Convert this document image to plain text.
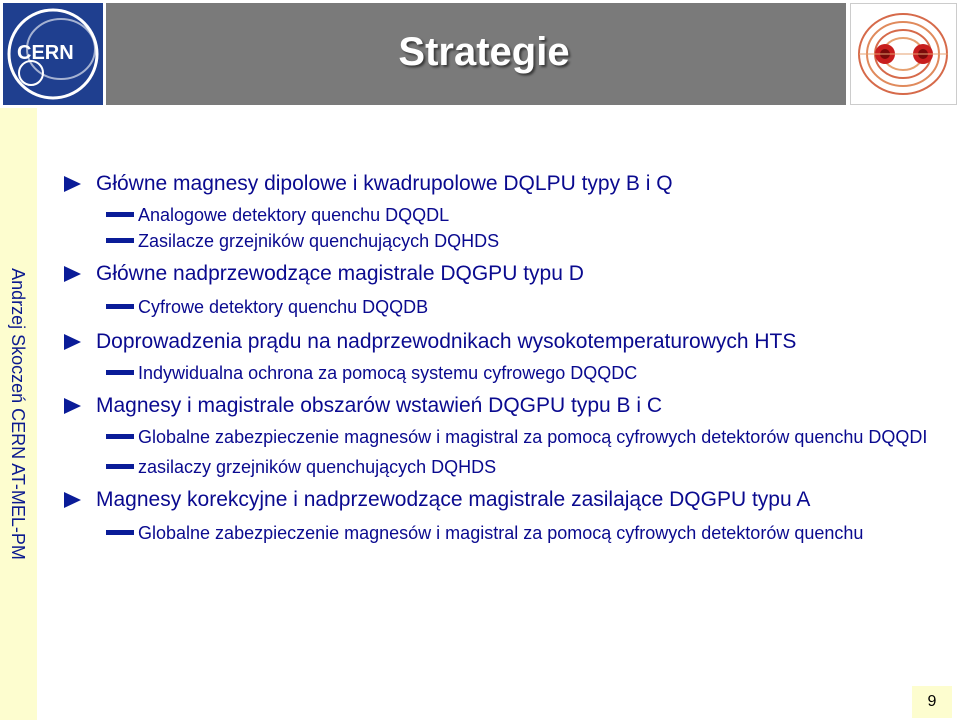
CERN	Strategie
Andrzej Skoczeń CERN AT-MEL-PM
Główne magnesy dipolowe i kwadrupolowe DQLPU typy B i Q
Analogowe detektory quenchu DQQDL
Zasilacze grzejników quenchujących DQHDS
Główne nadprzewodzące magistrale DQGPU typu D
Cyfrowe detektory quenchu DQQDB
Doprowadzenia prądu na nadprzewodnikach wysokotemperaturowych HTS
Indywidualna ochrona za pomocą systemu cyfrowego DQQDC
Magnesy i magistrale obszarów wstawień DQGPU typu B i C
Globalne zabezpieczenie magnesów i magistral za pomocą cyfrowych detektorów quenchu DQQDI
zasilaczy grzejników quenchujących DQHDS
Magnesy korekcyjne i nadprzewodzące magistrale zasilające DQGPU typu A
Globalne zabezpieczenie magnesów i magistral za pomocą cyfrowych detektorów quenchu
9
